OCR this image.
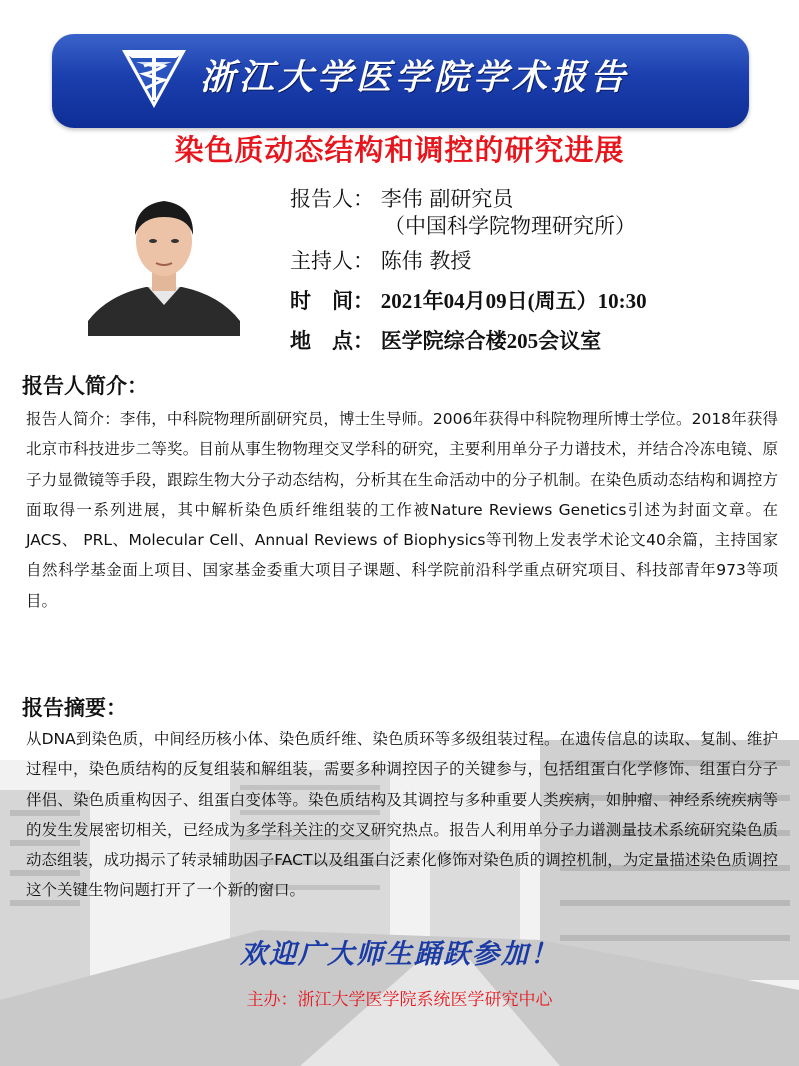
浙江大学医学院学术报告
染色质动态结构和调控的研究进展
报告人： 李伟 副研究员
（中国科学院物理研究所）
主持人： 陈伟 教授
时　间： 2021年04月09日(周五）10:30
地　点： 医学院综合楼205会议室
报告人简介：

报告人简介：李伟，中科院物理所副研究员，博士生导师。2006年获得中科院物理所博士学位。2018年获得北京市科技进步二等奖。目前从事生物物理交叉学科的研究，主要利用单分子力谱技术，并结合冷冻电镜、原子力显微镜等手段，跟踪生物大分子动态结构，分析其在生命活动中的分子机制。在染色质动态结构和调控方面取得一系列进展，其中解析染色质纤维组装的工作被Nature Reviews Genetics引述为封面文章。在JACS、 PRL、Molecular Cell、Annual Reviews of Biophysics等刊物上发表学术论文40余篇，主持国家自然科学基金面上项目、国家基金委重大项目子课题、科学院前沿科学重点研究项目、科技部青年973等项目。

报告摘要：

从DNA到染色质，中间经历核小体、染色质纤维、染色质环等多级组装过程。在遗传信息的读取、复制、维护过程中，染色质结构的反复组装和解组装，需要多种调控因子的关键参与，包括组蛋白化学修饰、组蛋白分子伴侣、染色质重构因子、组蛋白变体等。染色质结构及其调控与多种重要人类疾病，如肿瘤、神经系统疾病等的发生发展密切相关，已经成为多学科关注的交叉研究热点。报告人利用单分子力谱测量技术系统研究染色质动态组装，成功揭示了转录辅助因子FACT以及组蛋白泛素化修饰对染色质的调控机制，为定量描述染色质调控这个关键生物问题打开了一个新的窗口。

欢迎广大师生踊跃参加！
主办：浙江大学医学院系统医学研究中心
